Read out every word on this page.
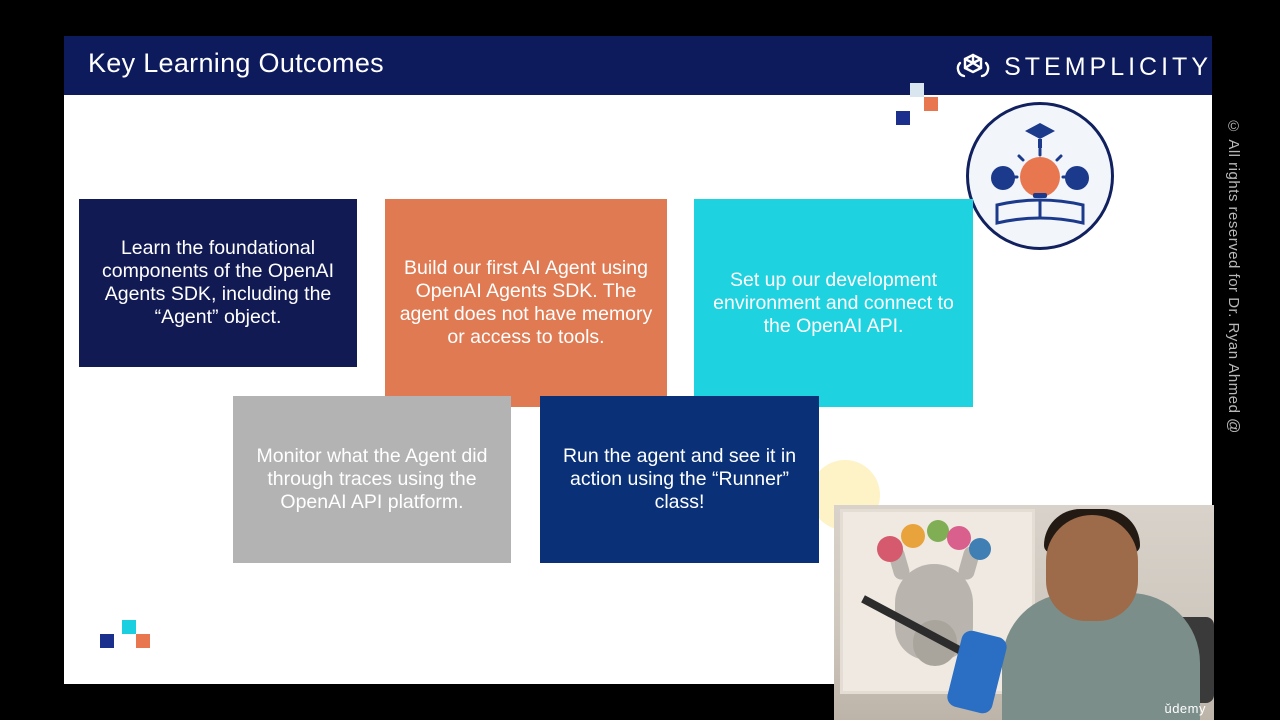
Key Learning Outcomes	STEMPLICITY
Learn the foundational components of the OpenAI Agents SDK, including the “Agent” object.
Build our first AI Agent using OpenAI Agents SDK. The agent does not have memory or access to tools.
Set up our development environment and connect to the OpenAI API.
Monitor what the Agent did through traces using the OpenAI API platform.
Run the agent and see it in action using the “Runner” class!
© All rights reserved for Dr. Ryan Ahmed @
ǔdemy
